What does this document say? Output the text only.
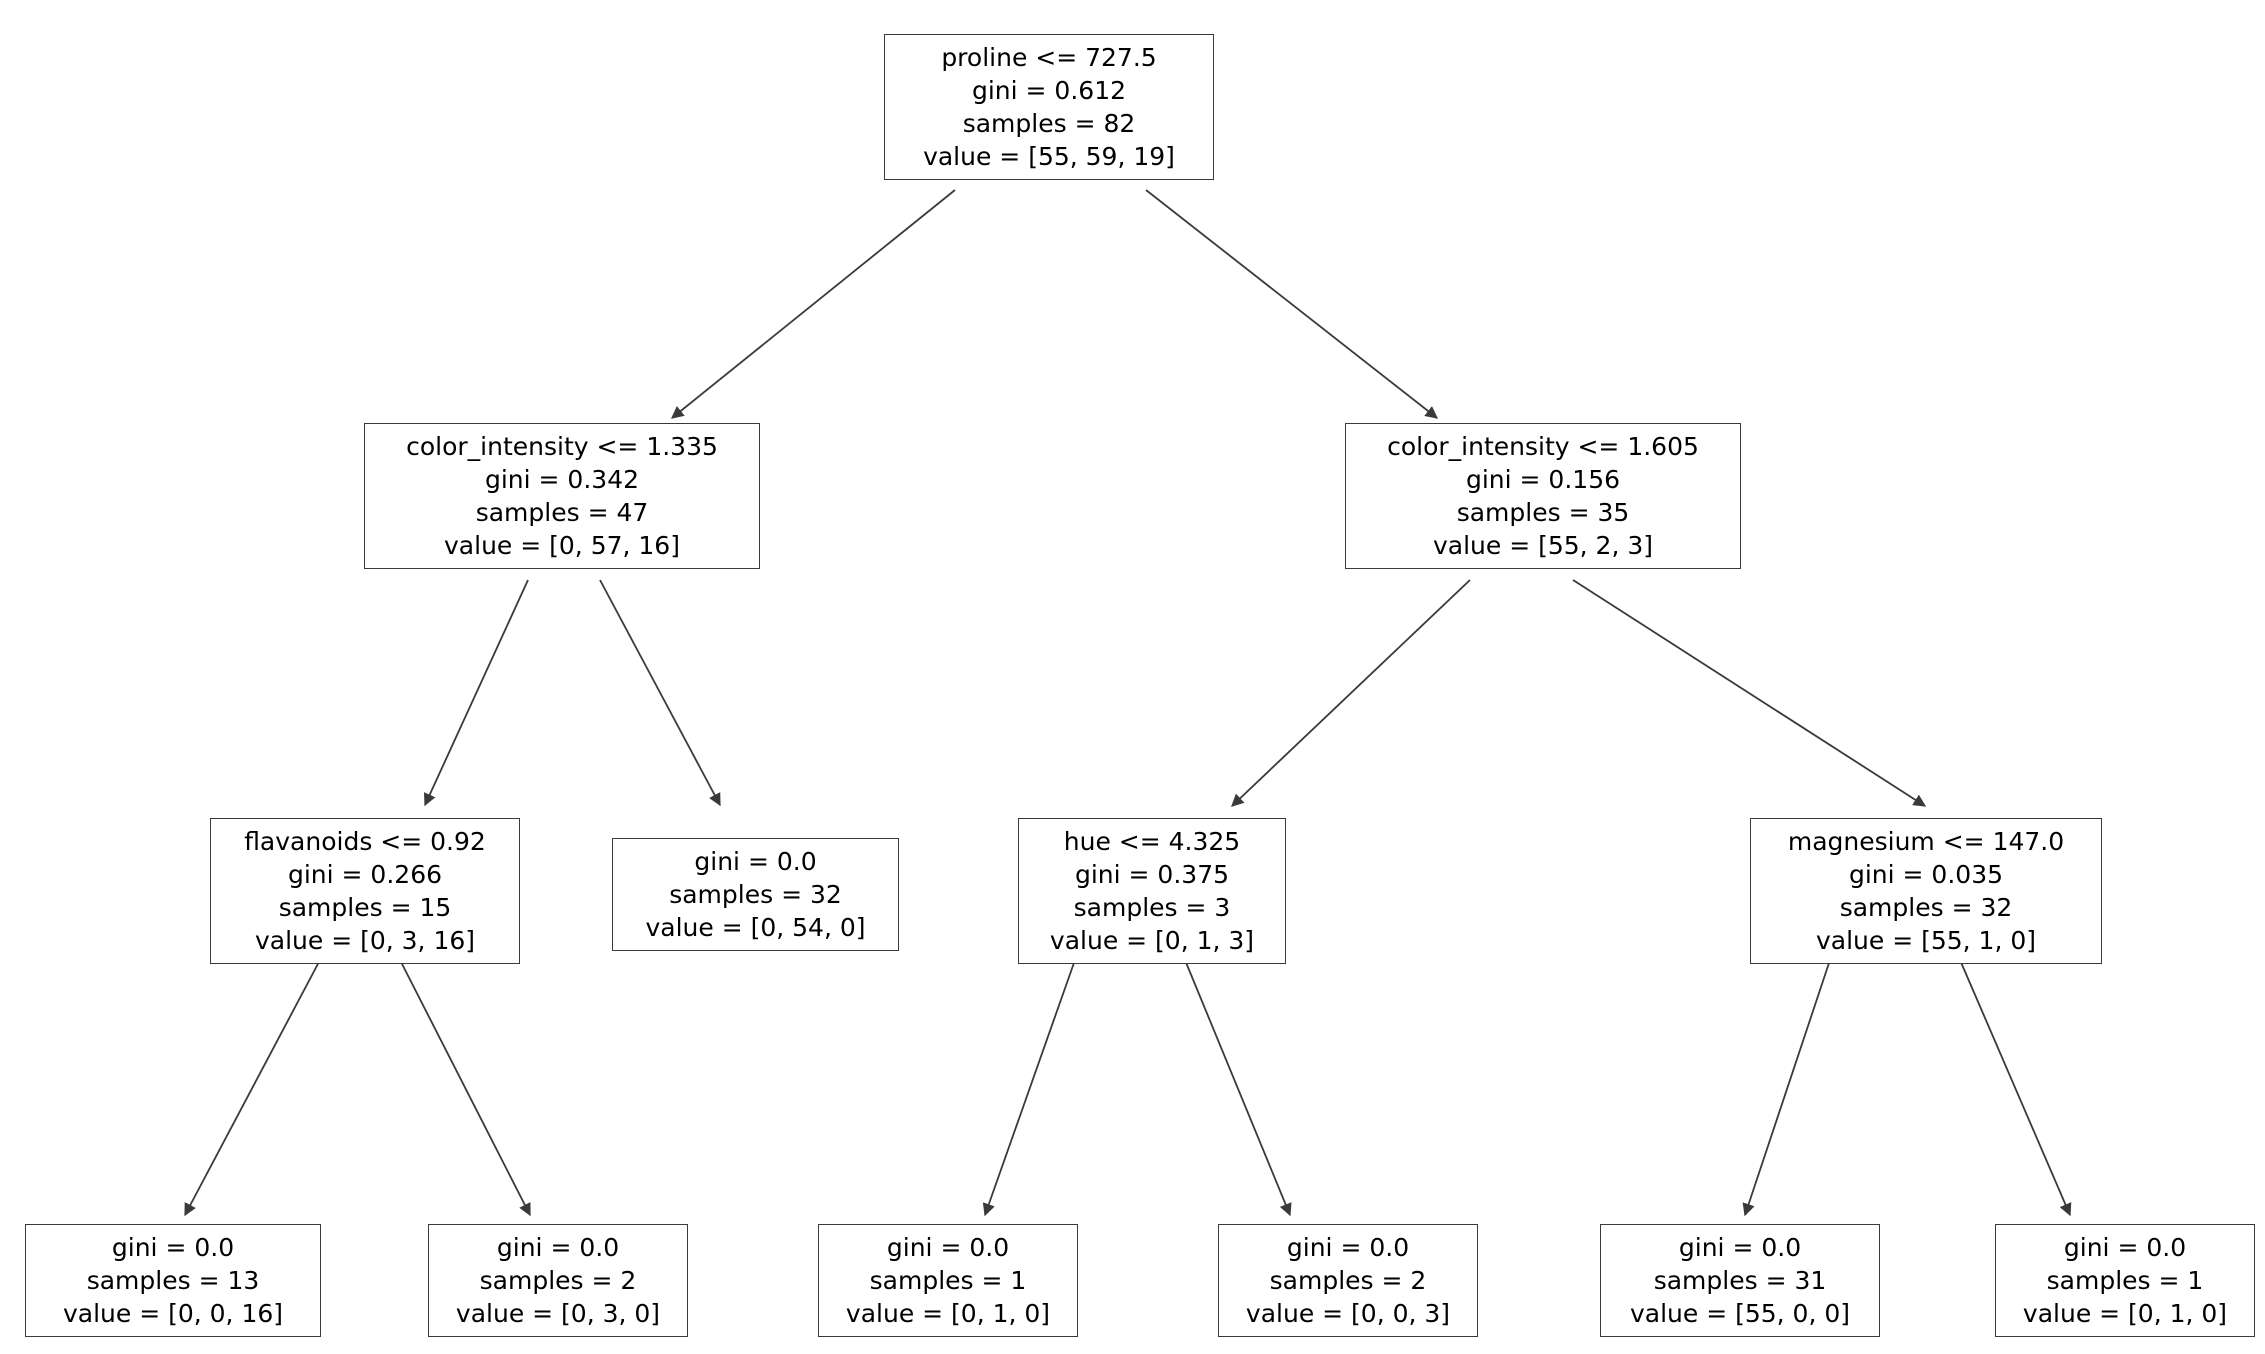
proline <= 727.5
gini = 0.612
samples = 82
value = [55, 59, 19]
color_intensity <= 1.335
gini = 0.342
samples = 47
value = [0, 57, 16]
color_intensity <= 1.605
gini = 0.156
samples = 35
value = [55, 2, 3]
flavanoids <= 0.92
gini = 0.266
samples = 15
value = [0, 3, 16]
gini = 0.0
samples = 32
value = [0, 54, 0]
hue <= 4.325
gini = 0.375
samples = 3
value = [0, 1, 3]
magnesium <= 147.0
gini = 0.035
samples = 32
value = [55, 1, 0]
gini = 0.0
samples = 13
value = [0, 0, 16]
gini = 0.0
samples = 2
value = [0, 3, 0]
gini = 0.0
samples = 1
value = [0, 1, 0]
gini = 0.0
samples = 2
value = [0, 0, 3]
gini = 0.0
samples = 31
value = [55, 0, 0]
gini = 0.0
samples = 1
value = [0, 1, 0]
